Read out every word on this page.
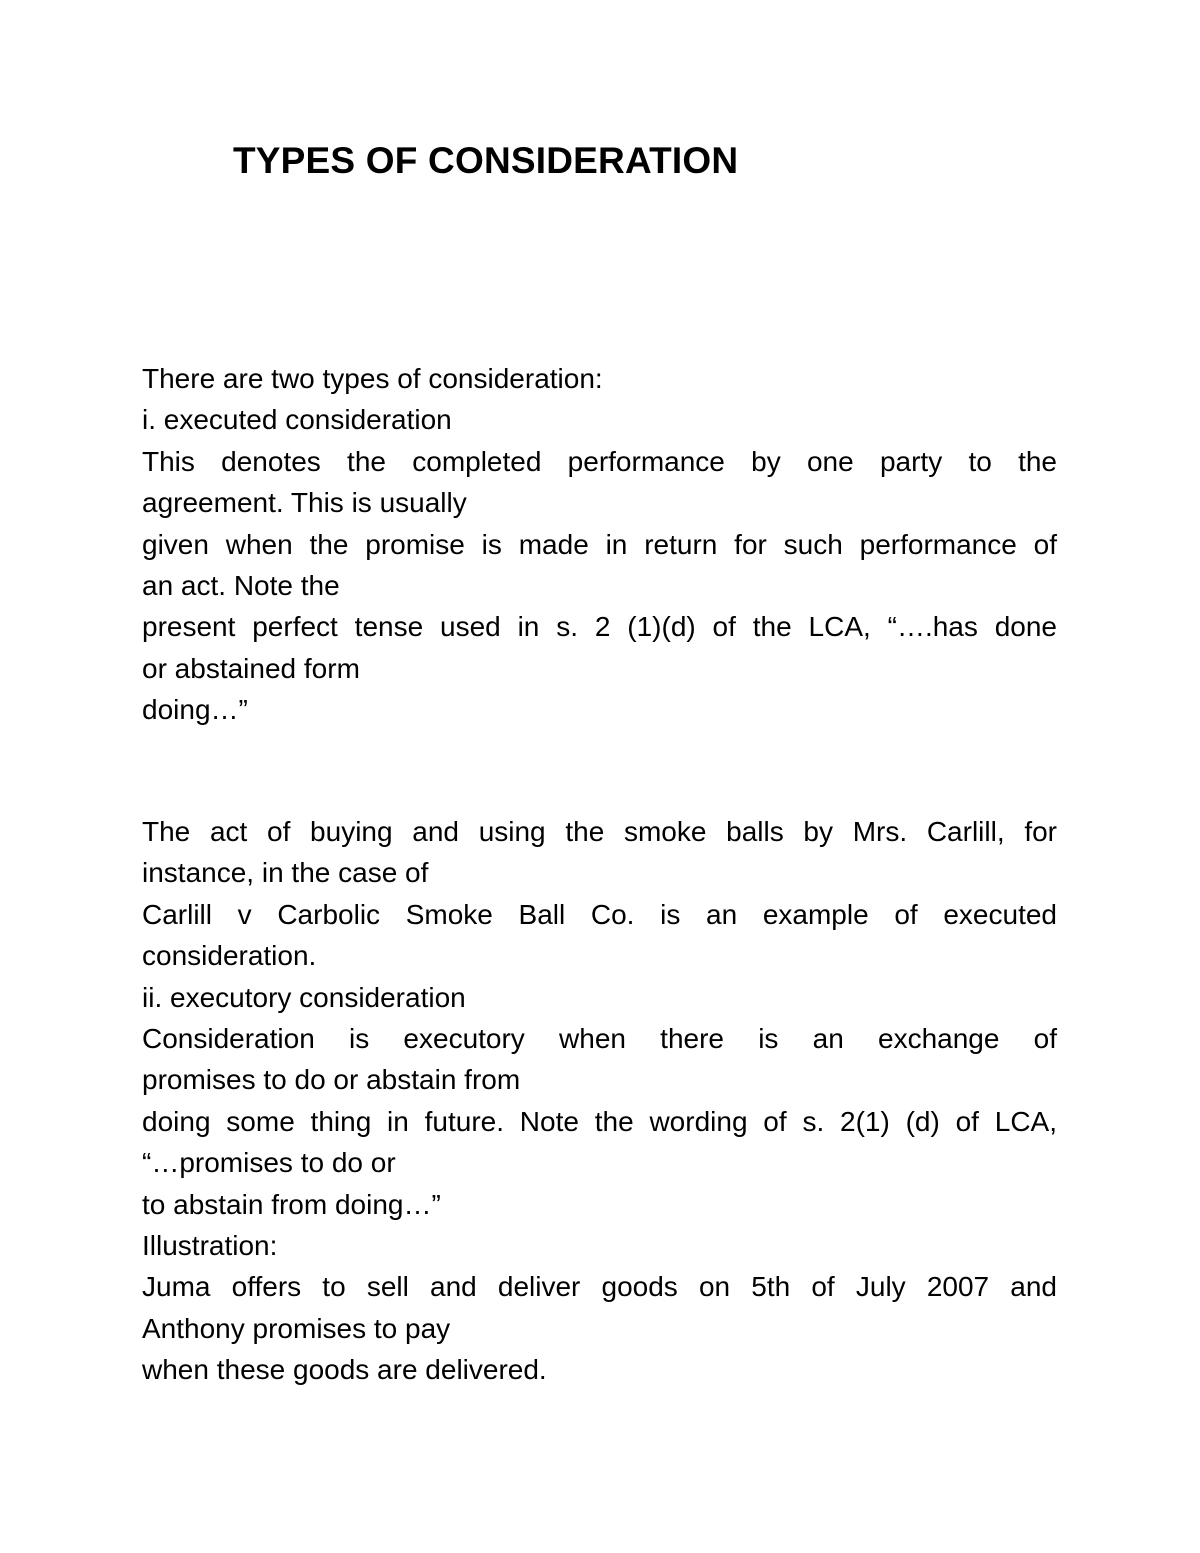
TYPES OF CONSIDERATION
There are two types of consideration:
i. executed consideration
This denotes the completed performance by one party to the
agreement. This is usually
given when the promise is made in return for such performance of
an act. Note the
present perfect tense used in s. 2 (1)(d) of the LCA, “….has done
or abstained form
doing…”
The act of buying and using the smoke balls by Mrs. Carlill, for
instance, in the case of
Carlill v Carbolic Smoke Ball Co. is an example of executed
consideration.
ii. executory consideration
Consideration is executory when there is an exchange of
promises to do or abstain from
doing some thing in future. Note the wording of s. 2(1) (d) of LCA,
“…promises to do or
to abstain from doing…”
Illustration:
Juma offers to sell and deliver goods on 5th of July 2007 and
Anthony promises to pay
when these goods are delivered.
